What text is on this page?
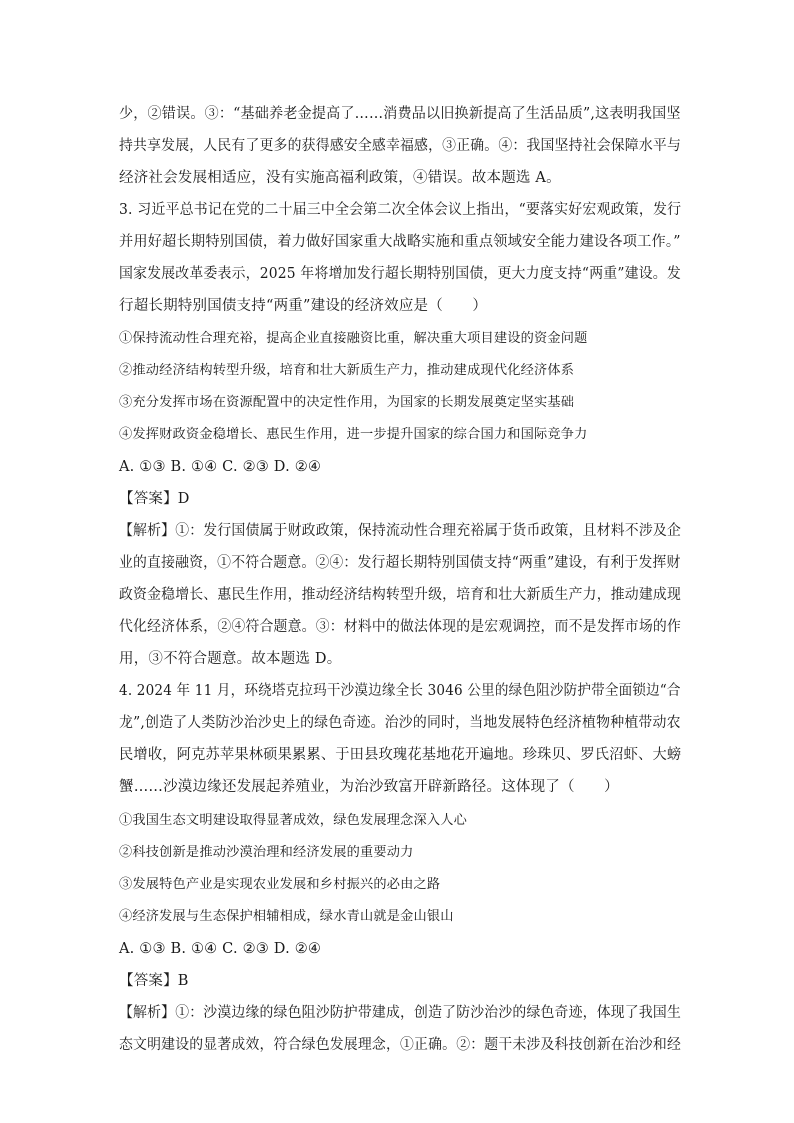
少，②错误。③：“基础养老金提高了……消费品以旧换新提高了生活品质”,这表明我国坚
持共享发展，人民有了更多的获得感安全感幸福感，③正确。④：我国坚持社会保障水平与
经济社会发展相适应，没有实施高福利政策，④错误。故本题选 A。
3. 习近平总书记在党的二十届三中全会第二次全体会议上指出，“要落实好宏观政策，发行
并用好超长期特别国债，着力做好国家重大战略实施和重点领域安全能力建设各项工作。”
国家发展改革委表示，2025 年将增加发行超长期特别国债，更大力度支持“两重”建设。发
行超长期特别国债支持“两重”建设的经济效应是（　　）
①保持流动性合理充裕，提高企业直接融资比重，解决重大项目建设的资金问题
②推动经济结构转型升级，培育和壮大新质生产力，推动建成现代化经济体系
③充分发挥市场在资源配置中的决定性作用，为国家的长期发展奠定坚实基础
④发挥财政资金稳增长、惠民生作用，进一步提升国家的综合国力和国际竞争力
A. ①③ B. ①④ C. ②③ D. ②④
【答案】D
【解析】①：发行国债属于财政政策，保持流动性合理充裕属于货币政策，且材料不涉及企
业的直接融资，①不符合题意。②④：发行超长期特别国债支持“两重”建设，有利于发挥财
政资金稳增长、惠民生作用，推动经济结构转型升级，培育和壮大新质生产力，推动建成现
代化经济体系，②④符合题意。③：材料中的做法体现的是宏观调控，而不是发挥市场的作
用，③不符合题意。故本题选 D。
4. 2024 年 11 月，环绕塔克拉玛干沙漠边缘全长 3046 公里的绿色阻沙防护带全面锁边“合
龙”,创造了人类防沙治沙史上的绿色奇迹。治沙的同时，当地发展特色经济植物种植带动农
民增收，阿克苏苹果林硕果累累、于田县玫瑰花基地花开遍地。珍珠贝、罗氏沼虾、大螃
蟹……沙漠边缘还发展起养殖业，为治沙致富开辟新路径。这体现了（　　）
①我国生态文明建设取得显著成效，绿色发展理念深入人心
②科技创新是推动沙漠治理和经济发展的重要动力
③发展特色产业是实现农业发展和乡村振兴的必由之路
④经济发展与生态保护相辅相成，绿水青山就是金山银山
A. ①③ B. ①④ C. ②③ D. ②④
【答案】B
【解析】①：沙漠边缘的绿色阻沙防护带建成，创造了防沙治沙的绿色奇迹，体现了我国生
态文明建设的显著成效，符合绿色发展理念，①正确。②：题干未涉及科技创新在治沙和经
